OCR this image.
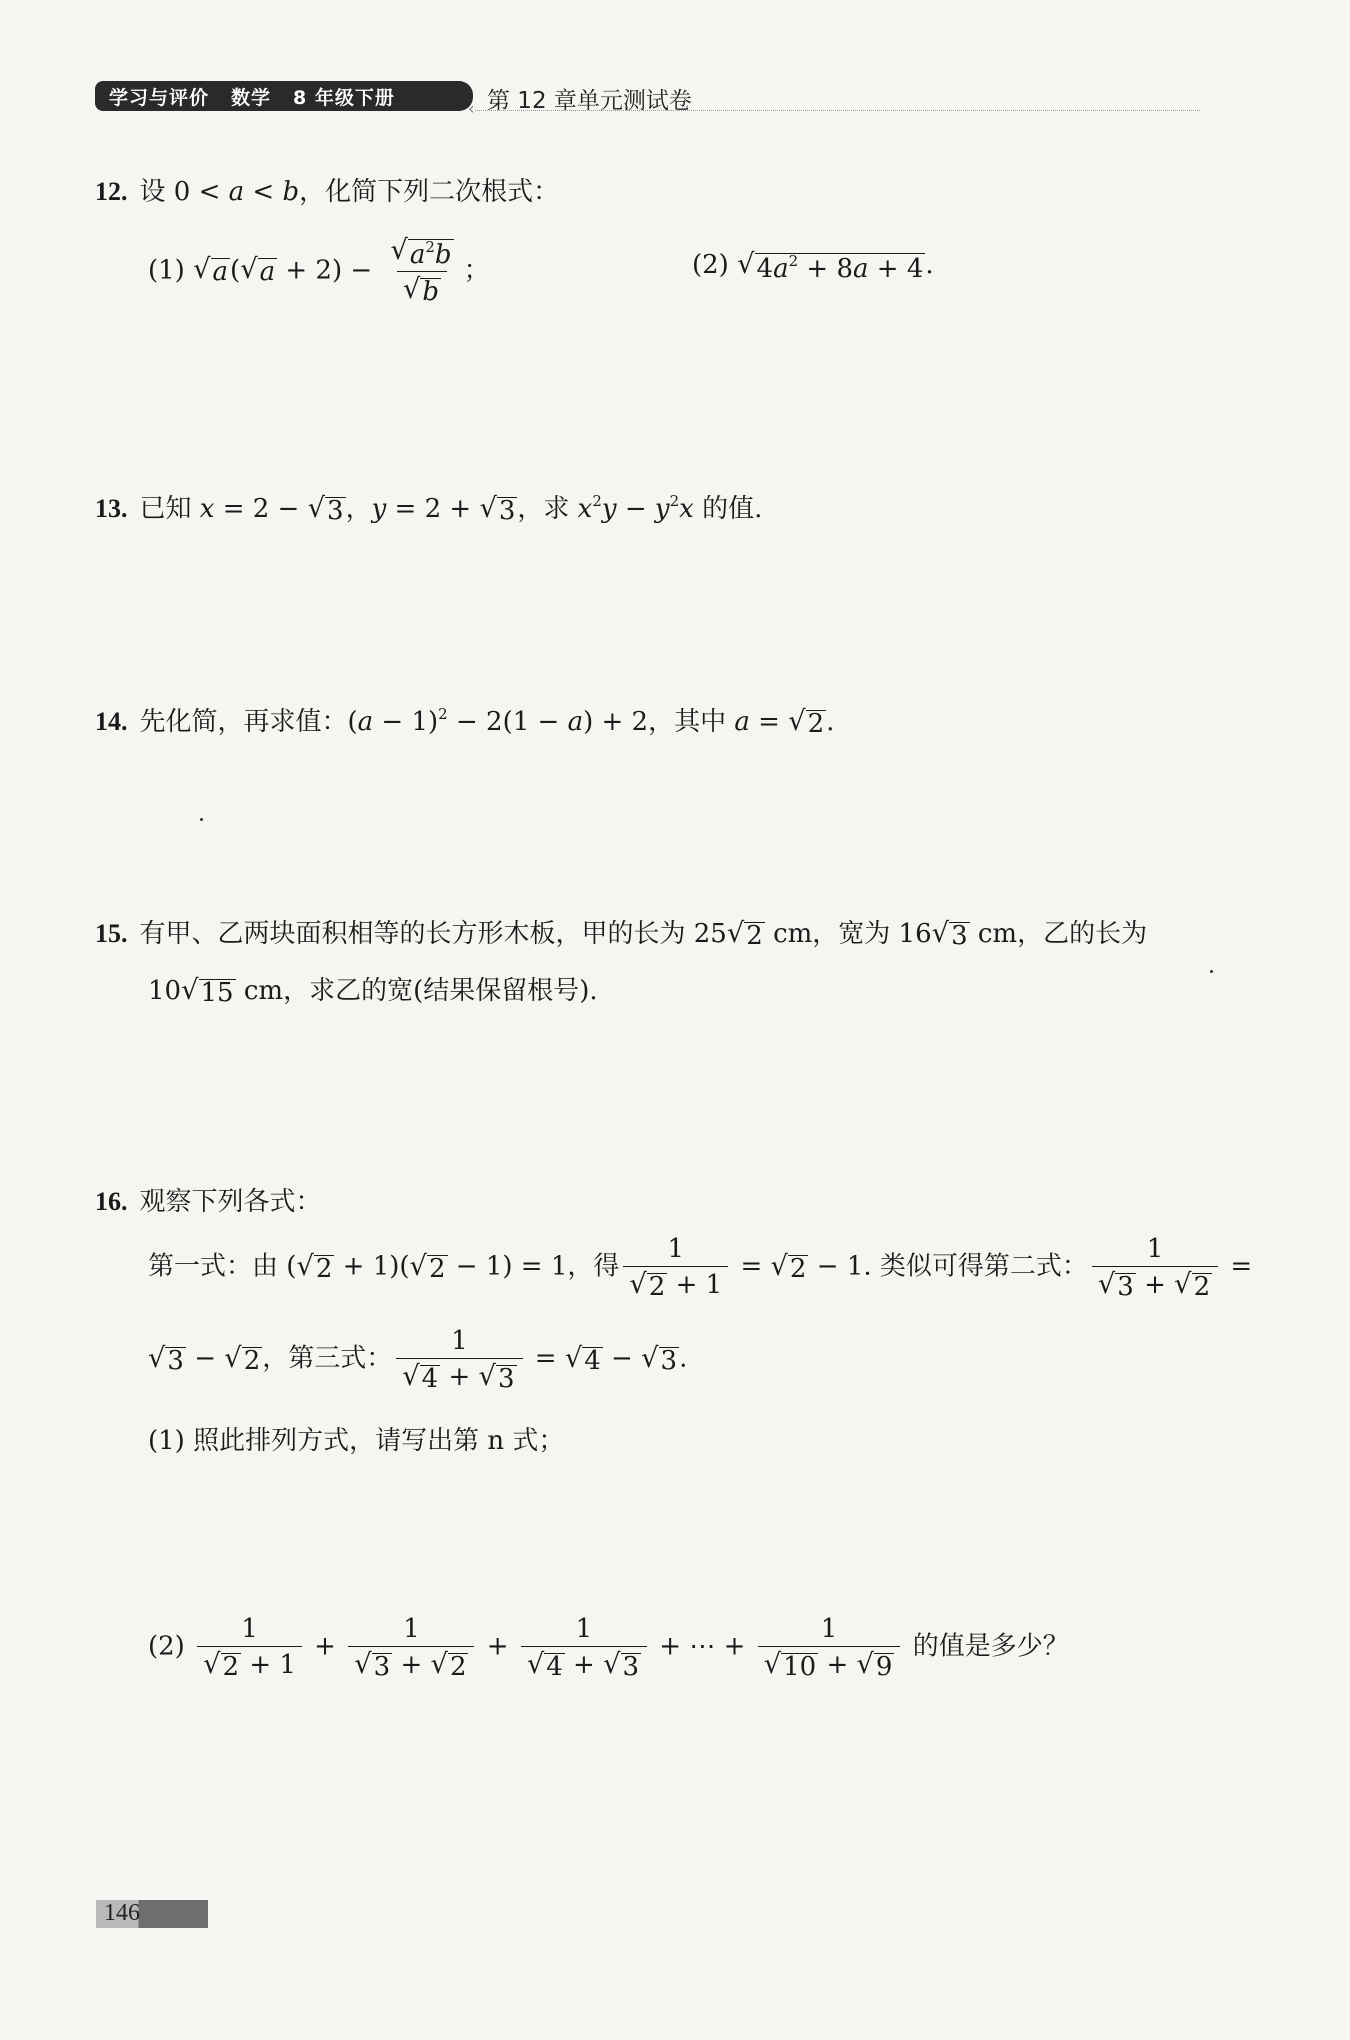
学习与评价 数学 8 年级下册	‹ 第 12 章单元测试卷
12. 设 0 < a < b，化简下列二次根式：
(1) √ a ( √ $a + 2) - \frac{√ a^2b}{√ b}$ ；	(2) √ $4a^2 + 8a + 4$ .
13. 已知 x = 2 − √ 3 ，y = 2 + √ 3 ，求 $x^2y - y^2x$ 的值.
14. 先化简，再求值：$(a - 1)^2 - 2(1 - a) + 2$，其中 a = √ 2 .
15. 有甲、乙两块面积相等的长方形木板，甲的长为 25 √ 2 cm，宽为 16 √ 3 cm，乙的长为
10 √ 15 cm，求乙的宽(结果保留根号).
16. 观察下列各式：
第一式：由 ( √ 2 + 1)( √ 2 − 1) = 1，得 $\frac{1}{√ 2 + 1}$ = √ 2 − 1. 类似可得第二式： $\frac{1}{√ 3 + √ 2}$ =
√ 3 − √ 2 ，第三式： $\frac{1}{√ 4 + √ 3}$ = √ 4 − √ 3 .
(1) 照此排列方式，请写出第 n 式；
$(2) \frac{1}{√ 2 + 1} + \frac{1}{√ 3 + √ 2} + \frac{1}{√ 4 + √ 3}$ + ⋯ + $\frac{1}{√ 10 + √ 9}$ 的值是多少？
146
